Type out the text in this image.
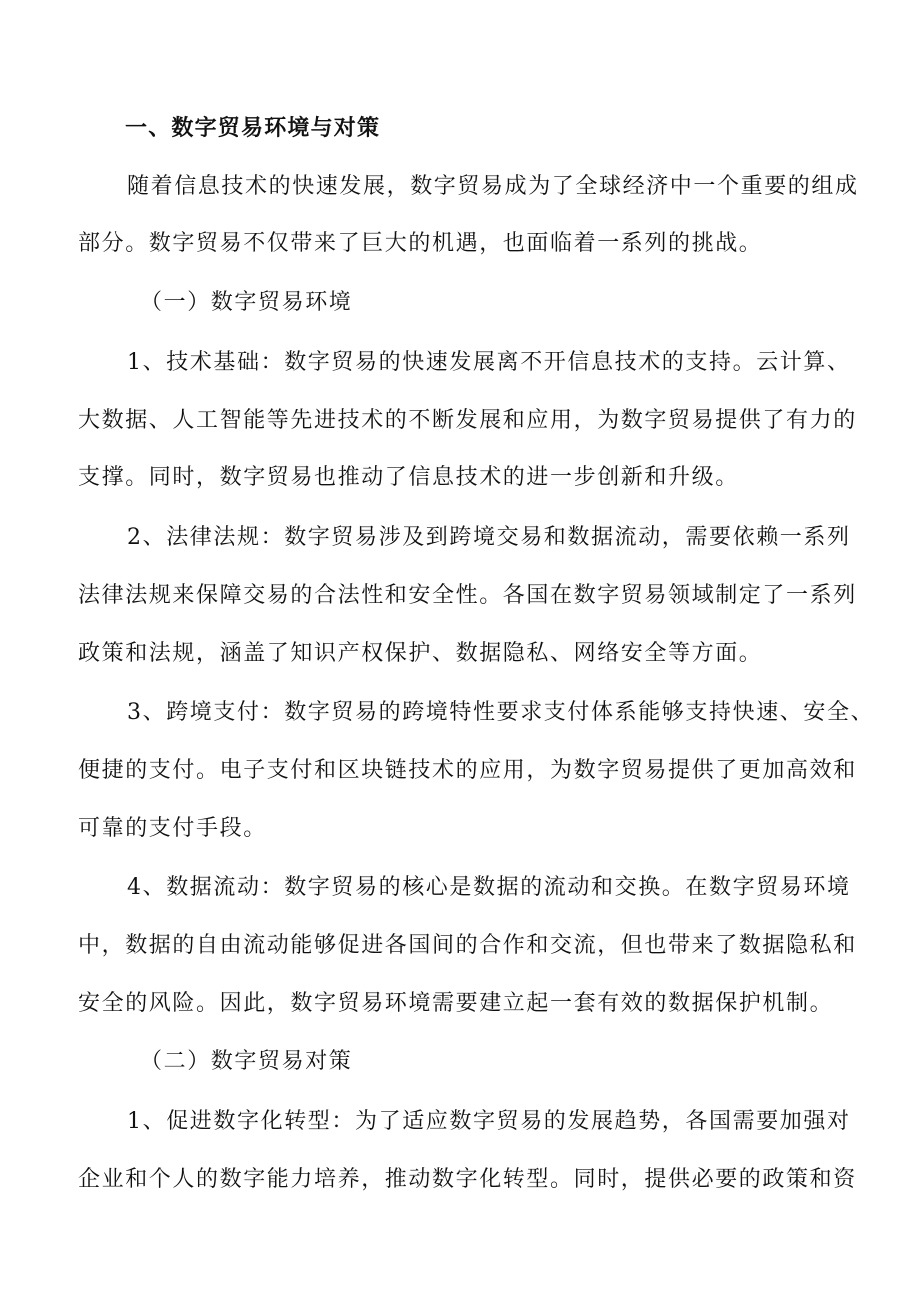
一、数字贸易环境与对策
随着信息技术的快速发展，数字贸易成为了全球经济中一个重要的组成
部分。数字贸易不仅带来了巨大的机遇，也面临着一系列的挑战。
（一）数字贸易环境
1、技术基础：数字贸易的快速发展离不开信息技术的支持。云计算、
大数据、人工智能等先进技术的不断发展和应用，为数字贸易提供了有力的
支撑。同时，数字贸易也推动了信息技术的进一步创新和升级。
2、法律法规：数字贸易涉及到跨境交易和数据流动，需要依赖一系列
法律法规来保障交易的合法性和安全性。各国在数字贸易领域制定了一系列
政策和法规，涵盖了知识产权保护、数据隐私、网络安全等方面。
3、跨境支付：数字贸易的跨境特性要求支付体系能够支持快速、安全、
便捷的支付。电子支付和区块链技术的应用，为数字贸易提供了更加高效和
可靠的支付手段。
4、数据流动：数字贸易的核心是数据的流动和交换。在数字贸易环境
中，数据的自由流动能够促进各国间的合作和交流，但也带来了数据隐私和
安全的风险。因此，数字贸易环境需要建立起一套有效的数据保护机制。
（二）数字贸易对策
1、促进数字化转型：为了适应数字贸易的发展趋势，各国需要加强对
企业和个人的数字能力培养，推动数字化转型。同时，提供必要的政策和资
